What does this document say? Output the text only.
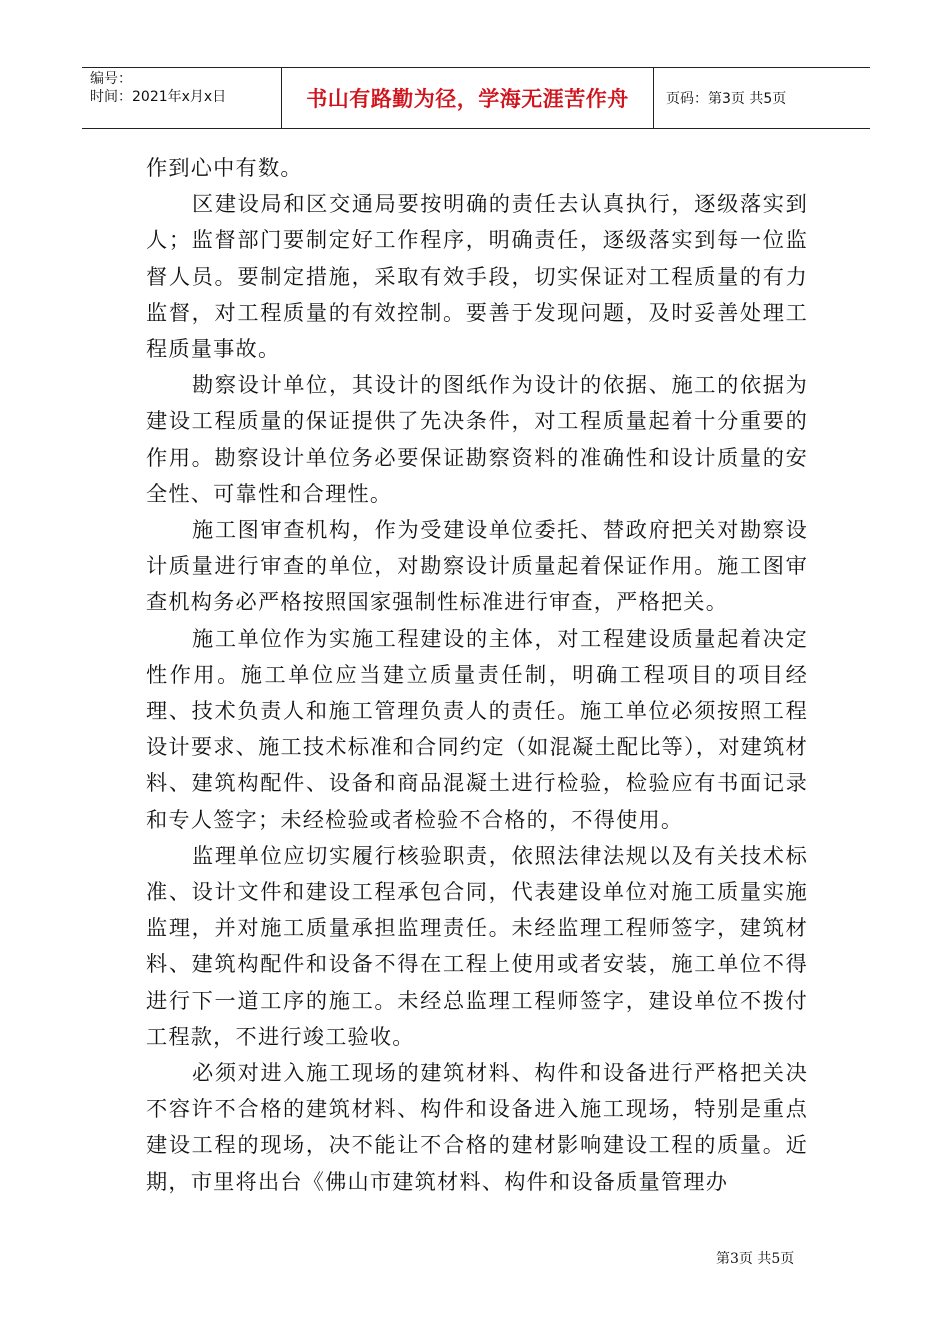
编号：
时间：2021年x月x日	书山有路勤为径，学海无涯苦作舟	页码：第3页 共5页

作到心中有数。

区建设局和区交通局要按明确的责任去认真执行，逐级落实到人；监督部门要制定好工作程序，明确责任，逐级落实到每一位监督人员。要制定措施，采取有效手段，切实保证对工程质量的有力监督，对工程质量的有效控制。要善于发现问题，及时妥善处理工程质量事故。

勘察设计单位，其设计的图纸作为设计的依据、施工的依据为建设工程质量的保证提供了先决条件，对工程质量起着十分重要的作用。勘察设计单位务必要保证勘察资料的准确性和设计质量的安全性、可靠性和合理性。

施工图审查机构，作为受建设单位委托、替政府把关对勘察设计质量进行审查的单位，对勘察设计质量起着保证作用。施工图审查机构务必严格按照国家强制性标准进行审查，严格把关。

施工单位作为实施工程建设的主体，对工程建设质量起着决定性作用。施工单位应当建立质量责任制，明确工程项目的项目经理、技术负责人和施工管理负责人的责任。施工单位必须按照工程设计要求、施工技术标准和合同约定（如混凝土配比等），对建筑材料、建筑构配件、设备和商品混凝土进行检验，检验应有书面记录和专人签字；未经检验或者检验不合格的，不得使用。

监理单位应切实履行核验职责，依照法律法规以及有关技术标准、设计文件和建设工程承包合同，代表建设单位对施工质量实施监理，并对施工质量承担监理责任。未经监理工程师签字，建筑材料、建筑构配件和设备不得在工程上使用或者安装，施工单位不得进行下一道工序的施工。未经总监理工程师签字，建设单位不拨付工程款，不进行竣工验收。

必须对进入施工现场的建筑材料、构件和设备进行严格把关决不容许不合格的建筑材料、构件和设备进入施工现场，特别是重点建设工程的现场，决不能让不合格的建材影响建设工程的质量。近期，市里将出台《佛山市建筑材料、构件和设备质量管理办

第3页 共5页
